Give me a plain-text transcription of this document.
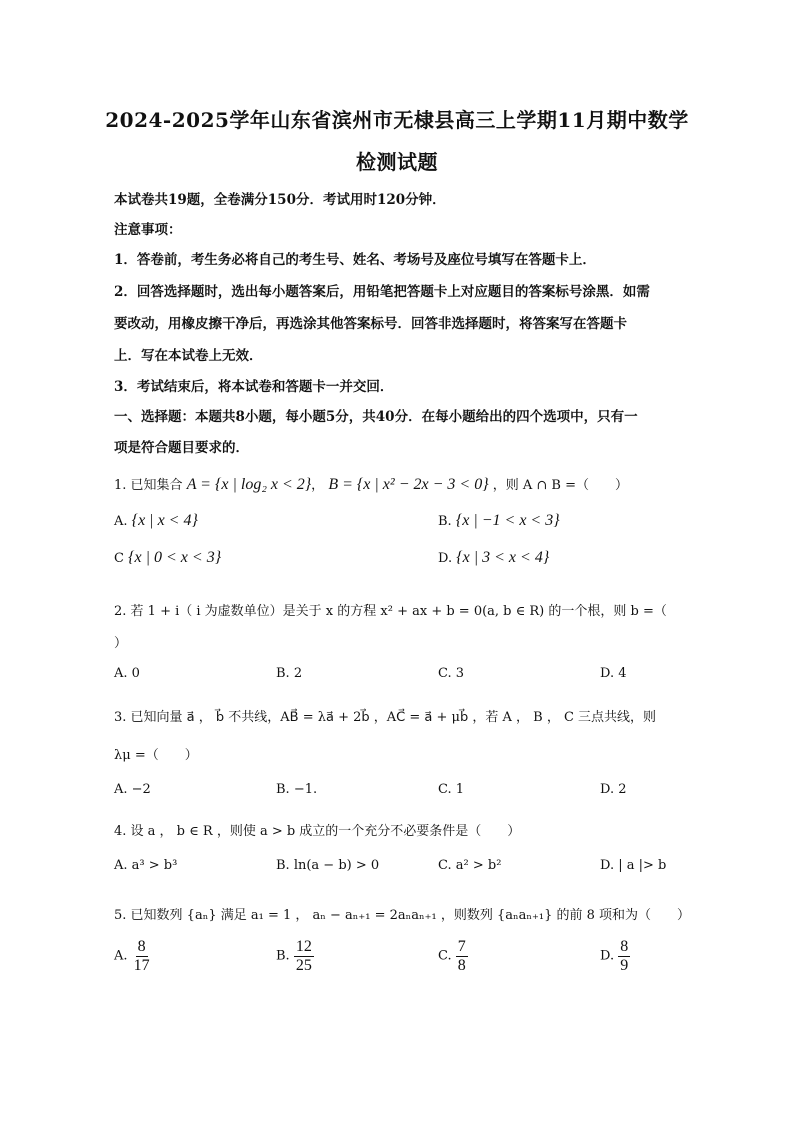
2024-2025学年山东省滨州市无棣县高三上学期11月期中数学
检测试题
本试卷共19题，全卷满分150分．考试用时120分钟．
注意事项：
1．答卷前，考生务必将自己的考生号、姓名、考场号及座位号填写在答题卡上．
2．回答选择题时，选出每小题答案后，用铅笔把答题卡上对应题目的答案标号涂黑．如需
要改动，用橡皮擦干净后，再选涂其他答案标号．回答非选择题时，将答案写在答题卡
上．写在本试卷上无效．
3．考试结束后，将本试卷和答题卡一并交回．
一、选择题：本题共8小题，每小题5分，共40分．在每小题给出的四个选项中，只有一
项是符合题目要求的．
1. 已知集合 A = {x | log₂ x < 2}， B = {x | x² − 2x − 3 < 0} ，则 A ∩ B =（　　）
A. {x | x < 4}	B. {x | −1 < x < 3}
C {x | 0 < x < 3}	D. {x | 3 < x < 4}
2. 若 1 + i（ i 为虚数单位）是关于 x 的方程 x² + ax + b = 0(a, b ∈ R) 的一个根，则 b =（
）
A. 0	B. 2	C. 3	D. 4
3. 已知向量 a⃗ ， b⃗ 不共线，AB⃗ = λa⃗ + 2b⃗ ，AC⃗ = a⃗ + μb⃗ ，若 A ， B ， C 三点共线，则
λμ =（　　）
A. −2	B. −1.	C. 1	D. 2
4. 设 a ， b ∈ R ，则使 a > b 成立的一个充分不必要条件是（　　）
A. a³ > b³	B. ln(a − b) > 0	C. a² > b²	D. | a |> b
5. 已知数列 {aₙ} 满足 a₁ = 1 ， aₙ − aₙ₊₁ = 2aₙaₙ₊₁ ，则数列 {aₙaₙ₊₁} 的前 8 项和为（　　）
A. $\frac{8}{17}$	B. $\frac{12}{25}$	C. $\frac{7}{8}$	D. $\frac{8}{9}$
